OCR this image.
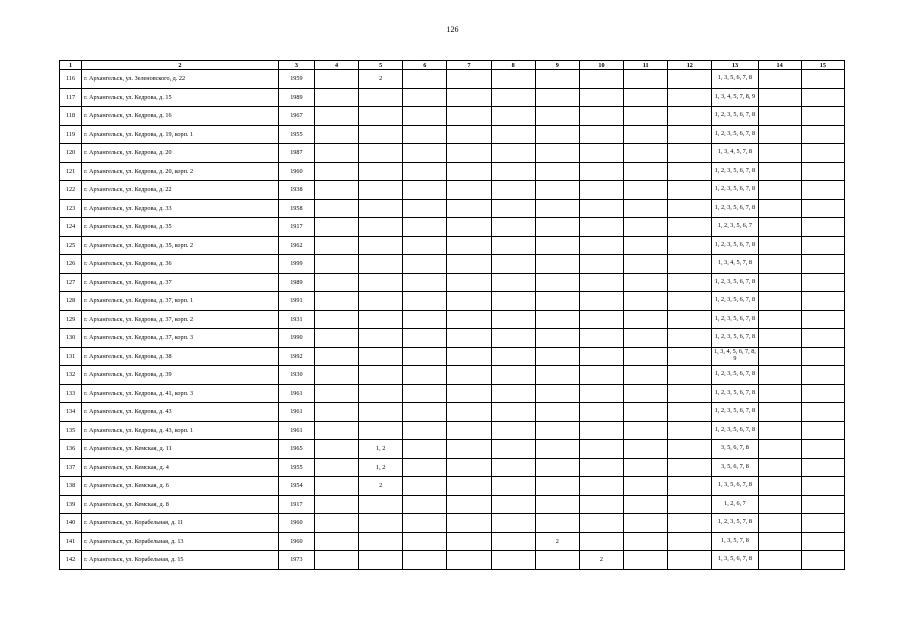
126
1	2	3	4	5	6	7	8	9	10	11	12	13	14	15
116	г. Архангельск, ул. Зеленовского, д. 22	1959		2								1, 3, 5, 6, 7, 8		
117	г. Архангельск, ул. Кедрова, д. 15	1989										1, 3, 4, 5, 7, 8, 9		
118	г. Архангельск, ул. Кедрова, д. 16	1967										1, 2, 3, 5, 6, 7, 8		
119	г. Архангельск, ул. Кедрова, д. 19, корп. 1	1955										1, 2, 3, 5, 6, 7, 8		
120	г. Архангельск, ул. Кедрова, д. 20	1987										1, 3, 4, 5, 7, 8		
121	г. Архангельск, ул. Кедрова, д. 20, корп. 2	1960										1, 2, 3, 5, 6, 7, 8		
122	г. Архангельск, ул. Кедрова, д. 22	1938										1, 2, 3, 5, 6, 7, 8		
123	г. Архангельск, ул. Кедрова, д. 33	1958										1, 2, 3, 5, 6, 7, 8		
124	г. Архангельск, ул. Кедрова, д. 35	1917										1, 2, 3, 5, 6, 7		
125	г. Архангельск, ул. Кедрова, д. 35, корп. 2	1962										1, 2, 3, 5, 6, 7, 8		
126	г. Архангельск, ул. Кедрова, д. 36	1999										1, 3, 4, 5, 7, 8		
127	г. Архангельск, ул. Кедрова, д. 37	1989										1, 2, 3, 5, 6, 7, 8		
128	г. Архангельск, ул. Кедрова, д. 37, корп. 1	1991										1, 2, 3, 5, 6, 7, 8		
129	г. Архангельск, ул. Кедрова, д. 37, корп. 2	1931										1, 2, 3, 5, 6, 7, 8		
130	г. Архангельск, ул. Кедрова, д. 37, корп. 3	1990										1, 2, 3, 5, 6, 7, 8		
131	г. Архангельск, ул. Кедрова, д. 38	1992										1, 3, 4, 5, 6, 7, 8, 9		
132	г. Архангельск, ул. Кедрова, д. 39	1930										1, 2, 3, 5, 6, 7, 8		
133	г. Архангельск, ул. Кедрова, д. 41, корп. 3	1961										1, 2, 3, 5, 6, 7, 8		
134	г. Архангельск, ул. Кедрова, д. 43	1961										1, 2, 3, 5, 6, 7, 8		
135	г. Архангельск, ул. Кедрова, д. 43, корп. 1	1961										1, 2, 3, 5, 6, 7, 8		
136	г. Архангельск, ул. Кемская, д. 11	1965		1, 2								3, 5, 6, 7, 8		
137	г. Архангельск, ул. Кемская, д. 4	1955		1, 2								3, 5, 6, 7, 8		
138	г. Архангельск, ул. Кемская, д. 6	1954		2								1, 3, 5, 6, 7, 8		
139	г. Архангельск, ул. Кемская, д. 8	1917										1, 2, 6, 7		
140	г. Архангельск, ул. Корабельная, д. 11	1960										1, 2, 3, 5, 7, 8		
141	г. Архангельск, ул. Корабельная, д. 13	1960						2				1, 3, 5, 7, 8		
142	г. Архангельск, ул. Корабельная, д. 15	1973							2			1, 3, 5, 6, 7, 8		
